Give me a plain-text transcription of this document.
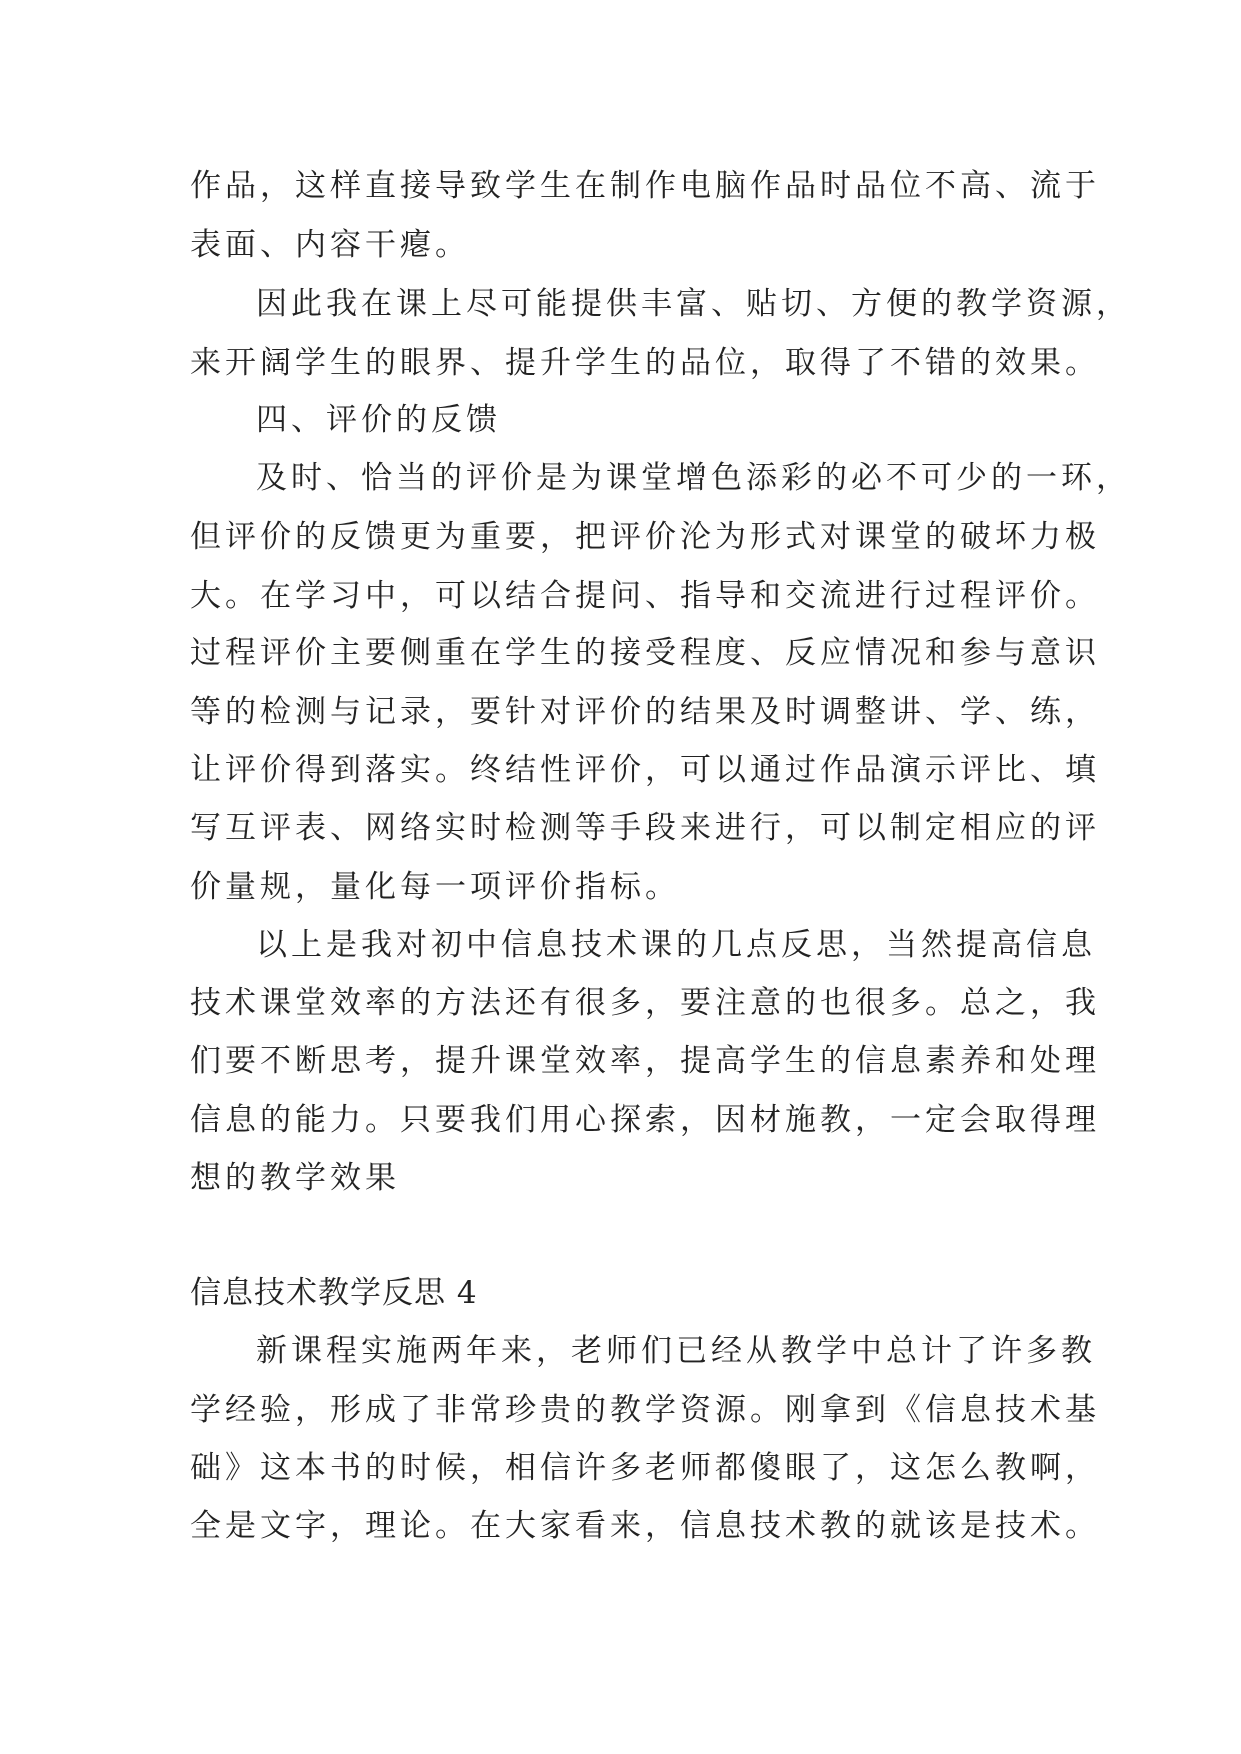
作品，这样直接导致学生在制作电脑作品时品位不高、流于
表面、内容干瘪。
因此我在课上尽可能提供丰富、贴切、方便的教学资源，
来开阔学生的眼界、提升学生的品位，取得了不错的效果。
四、评价的反馈
及时、恰当的评价是为课堂增色添彩的必不可少的一环，
但评价的反馈更为重要，把评价沦为形式对课堂的破坏力极
大。在学习中，可以结合提问、指导和交流进行过程评价。
过程评价主要侧重在学生的接受程度、反应情况和参与意识
等的检测与记录，要针对评价的结果及时调整讲、学、练，
让评价得到落实。终结性评价，可以通过作品演示评比、填
写互评表、网络实时检测等手段来进行，可以制定相应的评
价量规，量化每一项评价指标。
以上是我对初中信息技术课的几点反思，当然提高信息
技术课堂效率的方法还有很多，要注意的也很多。总之，我
们要不断思考，提升课堂效率，提高学生的信息素养和处理
信息的能力。只要我们用心探索，因材施教，一定会取得理
想的教学效果
信息技术教学反思 4
新课程实施两年来，老师们已经从教学中总计了许多教
学经验，形成了非常珍贵的教学资源。刚拿到《信息技术基
础》这本书的时候，相信许多老师都傻眼了，这怎么教啊，
全是文字，理论。在大家看来，信息技术教的就该是技术。
